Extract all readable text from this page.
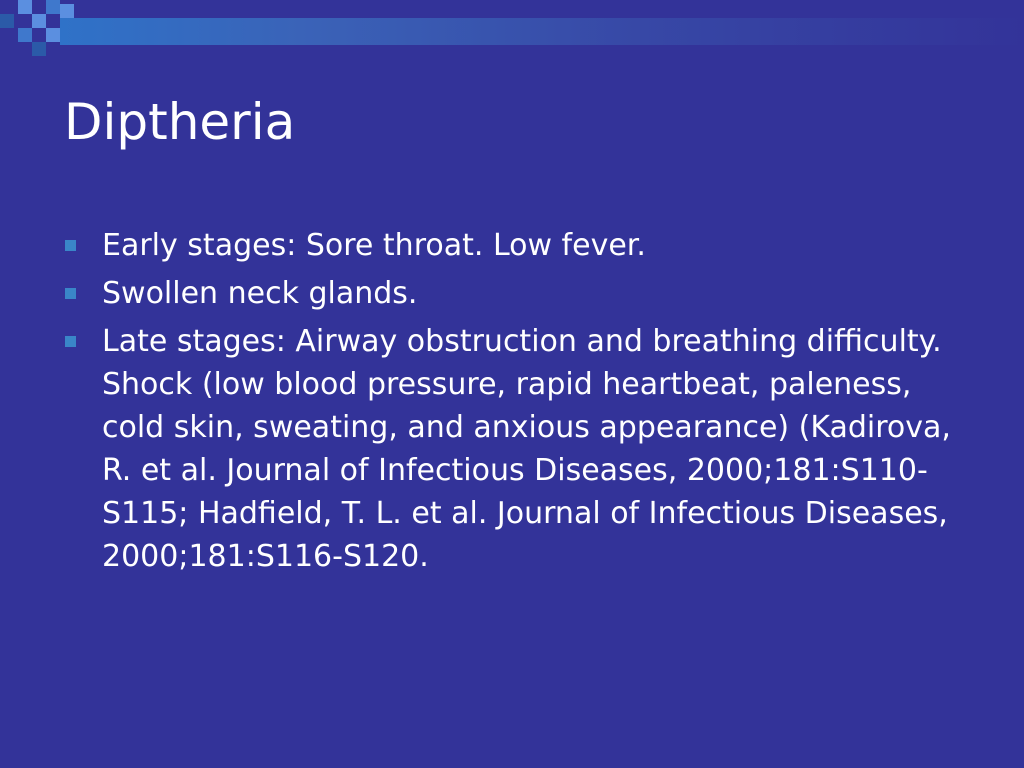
Diptheria
Early stages: Sore throat. Low fever.
Swollen neck glands.
Late stages: Airway obstruction and breathing difficulty. Shock (low blood pressure, rapid heartbeat, paleness, cold skin, sweating, and anxious appearance) (Kadirova, R. et al. Journal of Infectious Diseases, 2000;181:S110-S115; Hadfield, T. L. et al. Journal of Infectious Diseases, 2000;181:S116-S120.
